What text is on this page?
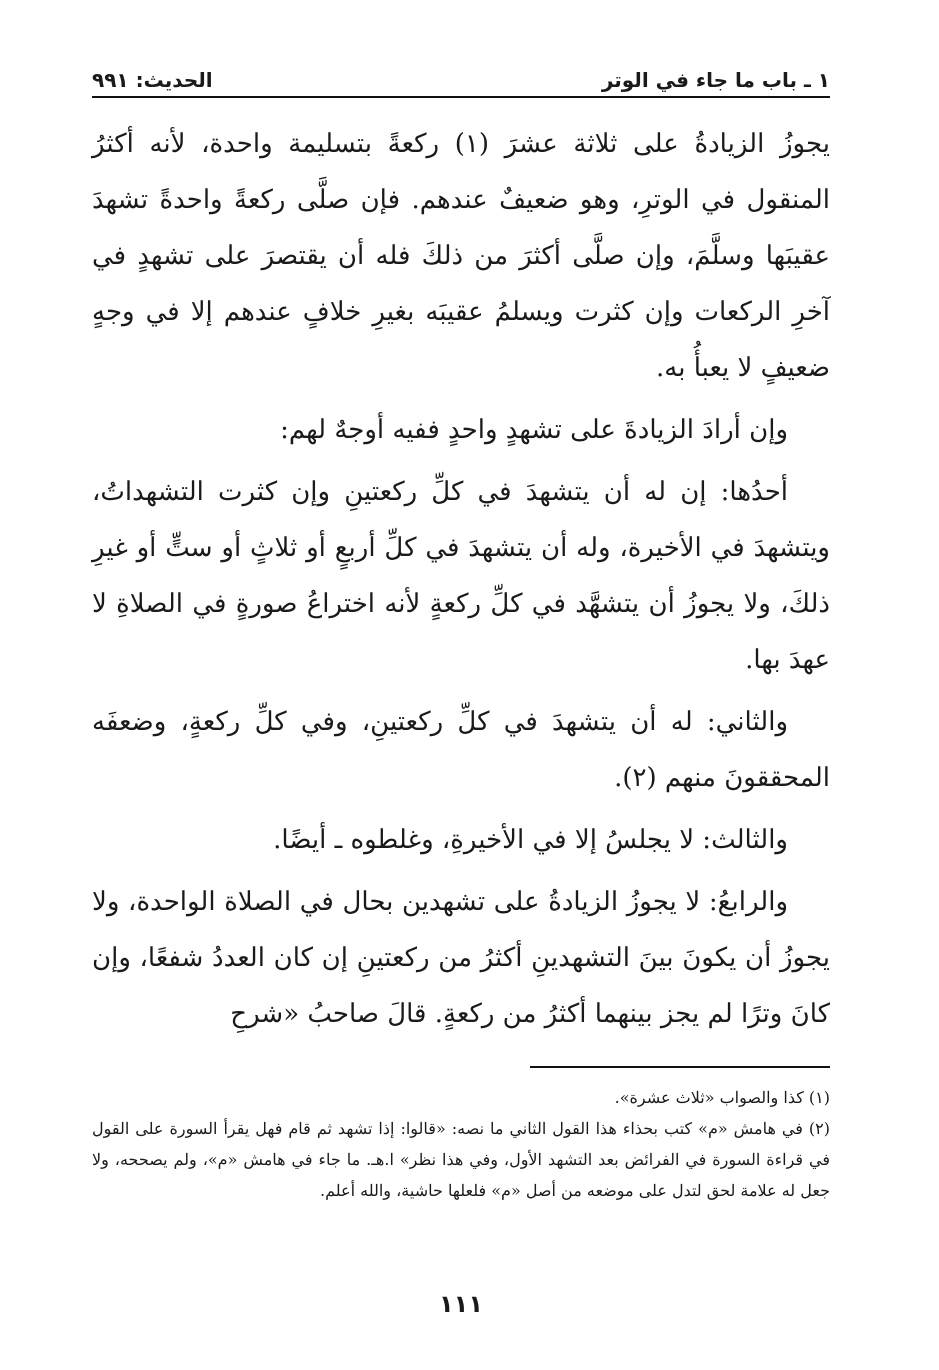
١ ـ باب ما جاء في الوتر
الحديث: ٩٩١

يجوزُ الزيادةُ على ثلاثة عشرَ (١) ركعةً بتسليمة واحدة، لأنه أكثرُ المنقول في الوترِ، وهو ضعيفٌ عندهم. فإن صلَّى ركعةً واحدةً تشهدَ عقيبَها وسلَّمَ، وإن صلَّى أكثرَ من ذلكَ فله أن يقتصرَ على تشهدٍ في آخرِ الركعات وإن كثرت ويسلمُ عقيبَه بغيرِ خلافٍ عندهم إلا في وجهٍ ضعيفٍ لا يعبأُ به.

وإن أرادَ الزيادةَ على تشهدٍ واحدٍ ففيه أوجهٌ لهم:

أحدُها: إن له أن يتشهدَ في كلِّ ركعتينِ وإن كثرت التشهداتُ، ويتشهدَ في الأخيرة، وله أن يتشهدَ في كلِّ أربعٍ أو ثلاثٍ أو ستٍّ أو غيرِ ذلكَ، ولا يجوزُ أن يتشهَّد في كلِّ ركعةٍ لأنه اختراعُ صورةٍ في الصلاةِ لا عهدَ بها.

والثاني: له أن يتشهدَ في كلِّ ركعتينِ، وفي كلِّ ركعةٍ، وضعفَه المحققونَ منهم (٢).

والثالث: لا يجلسُ إلا في الأخيرةِ، وغلطوه ـ أيضًا.

والرابعُ: لا يجوزُ الزيادةُ على تشهدين بحال في الصلاة الواحدة، ولا يجوزُ أن يكونَ بينَ التشهدينِ أكثرُ من ركعتينِ إن كان العددُ شفعًا، وإن كانَ وترًا لم يجز بينهما أكثرُ من ركعةٍ. قالَ صاحبُ «شرحِ

(١) كذا والصواب «ثلاث عشرة».

(٢) في هامش «م» كتب بحذاء هذا القول الثاني ما نصه: «قالوا: إذا تشهد ثم قام فهل يقرأ السورة على القول في قراءة السورة في الفرائض بعد التشهد الأول، وفي هذا نظر» ا.هـ. ما جاء في هامش «م»، ولم يصححه، ولا جعل له علامة لحق لتدل على موضعه من أصل «م» فلعلها حاشية، والله أعلم.

١١١
